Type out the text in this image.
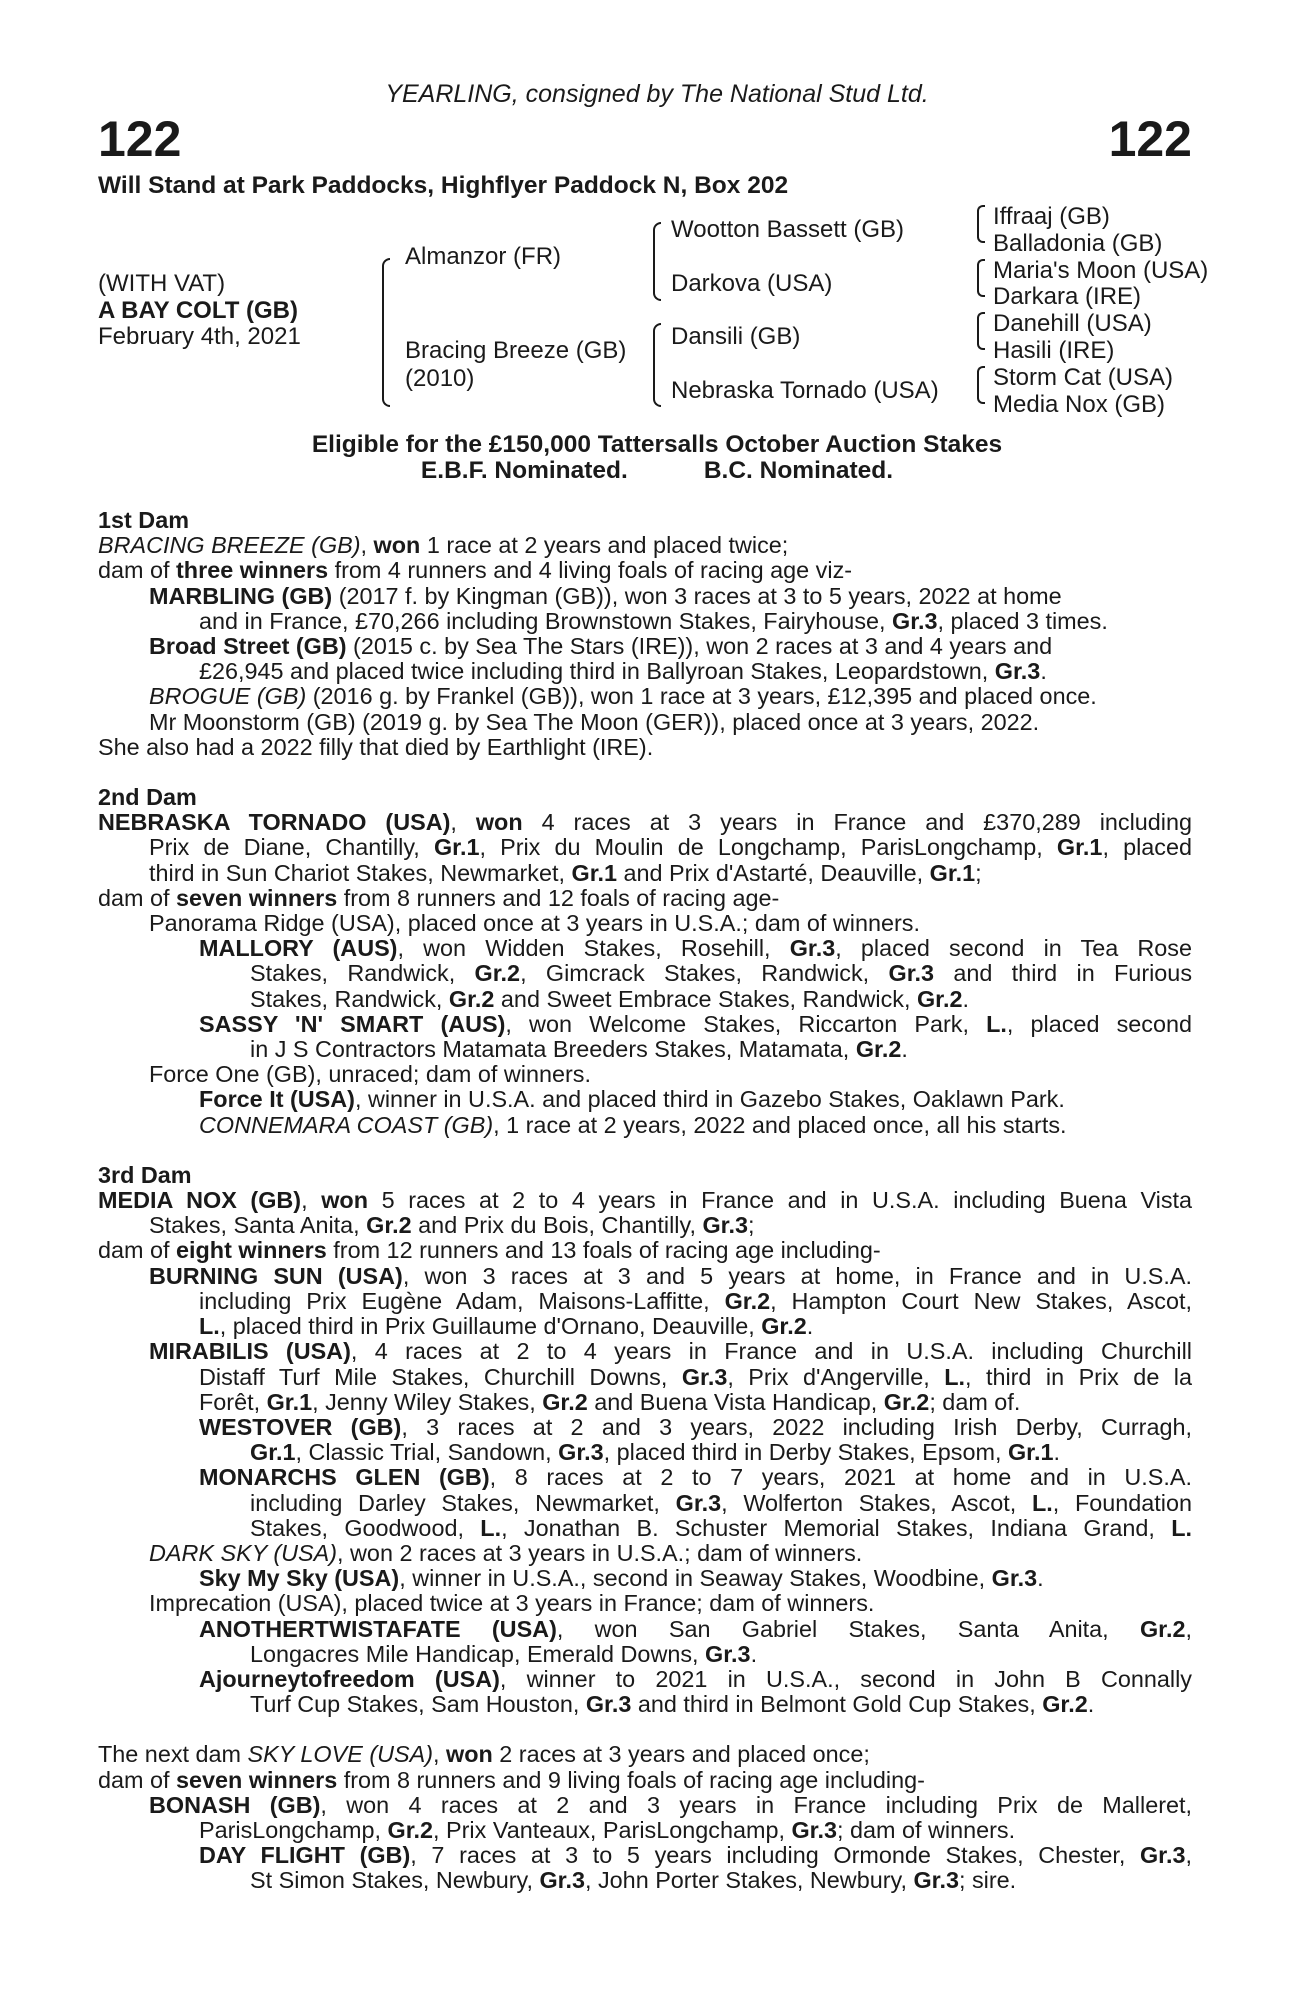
YEARLING, consigned by The National Stud Ltd.
122	122
Will Stand at Park Paddocks, Highflyer Paddock N, Box 202
(WITH VAT)
A BAY COLT (GB)
February 4th, 2021
Almanzor (FR)
Bracing Breeze (GB)
(2010)
Wootton Bassett (GB)
Darkova (USA)
Dansili (GB)
Nebraska Tornado (USA)
Iffraaj (GB)
Balladonia (GB)
Maria's Moon (USA)
Darkara (IRE)
Danehill (USA)
Hasili (IRE)
Storm Cat (USA)
Media Nox (GB)
Eligible for the £150,000 Tattersalls October Auction Stakes
E.B.F. Nominated.	B.C. Nominated.
1st Dam
BRACING BREEZE (GB), won 1 race at 2 years and placed twice;
dam of three winners from 4 runners and 4 living foals of racing age viz-
MARBLING (GB) (2017 f. by Kingman (GB)), won 3 races at 3 to 5 years, 2022 at home
and in France, £70,266 including Brownstown Stakes, Fairyhouse, Gr.3, placed 3 times.
Broad Street (GB) (2015 c. by Sea The Stars (IRE)), won 2 races at 3 and 4 years and
£26,945 and placed twice including third in Ballyroan Stakes, Leopardstown, Gr.3.
BROGUE (GB) (2016 g. by Frankel (GB)), won 1 race at 3 years, £12,395 and placed once.
Mr Moonstorm (GB) (2019 g. by Sea The Moon (GER)), placed once at 3 years, 2022.
She also had a 2022 filly that died by Earthlight (IRE).
2nd Dam
NEBRASKA TORNADO (USA), won 4 races at 3 years in France and £370,289 including
Prix de Diane, Chantilly, Gr.1, Prix du Moulin de Longchamp, ParisLongchamp, Gr.1, placed
third in Sun Chariot Stakes, Newmarket, Gr.1 and Prix d'Astarté, Deauville, Gr.1;
dam of seven winners from 8 runners and 12 foals of racing age-
Panorama Ridge (USA), placed once at 3 years in U.S.A.; dam of winners.
MALLORY (AUS), won Widden Stakes, Rosehill, Gr.3, placed second in Tea Rose
Stakes, Randwick, Gr.2, Gimcrack Stakes, Randwick, Gr.3 and third in Furious
Stakes, Randwick, Gr.2 and Sweet Embrace Stakes, Randwick, Gr.2.
SASSY 'N' SMART (AUS), won Welcome Stakes, Riccarton Park, L., placed second
in J S Contractors Matamata Breeders Stakes, Matamata, Gr.2.
Force One (GB), unraced; dam of winners.
Force It (USA), winner in U.S.A. and placed third in Gazebo Stakes, Oaklawn Park.
CONNEMARA COAST (GB), 1 race at 2 years, 2022 and placed once, all his starts.
3rd Dam
MEDIA NOX (GB), won 5 races at 2 to 4 years in France and in U.S.A. including Buena Vista
Stakes, Santa Anita, Gr.2 and Prix du Bois, Chantilly, Gr.3;
dam of eight winners from 12 runners and 13 foals of racing age including-
BURNING SUN (USA), won 3 races at 3 and 5 years at home, in France and in U.S.A.
including Prix Eugène Adam, Maisons-Laffitte, Gr.2, Hampton Court New Stakes, Ascot,
L., placed third in Prix Guillaume d'Ornano, Deauville, Gr.2.
MIRABILIS (USA), 4 races at 2 to 4 years in France and in U.S.A. including Churchill
Distaff Turf Mile Stakes, Churchill Downs, Gr.3, Prix d'Angerville, L., third in Prix de la
Forêt, Gr.1, Jenny Wiley Stakes, Gr.2 and Buena Vista Handicap, Gr.2; dam of.
WESTOVER (GB), 3 races at 2 and 3 years, 2022 including Irish Derby, Curragh,
Gr.1, Classic Trial, Sandown, Gr.3, placed third in Derby Stakes, Epsom, Gr.1.
MONARCHS GLEN (GB), 8 races at 2 to 7 years, 2021 at home and in U.S.A.
including Darley Stakes, Newmarket, Gr.3, Wolferton Stakes, Ascot, L., Foundation
Stakes, Goodwood, L., Jonathan B. Schuster Memorial Stakes, Indiana Grand, L.
DARK SKY (USA), won 2 races at 3 years in U.S.A.; dam of winners.
Sky My Sky (USA), winner in U.S.A., second in Seaway Stakes, Woodbine, Gr.3.
Imprecation (USA), placed twice at 3 years in France; dam of winners.
ANOTHERTWISTAFATE (USA), won San Gabriel Stakes, Santa Anita, Gr.2,
Longacres Mile Handicap, Emerald Downs, Gr.3.
Ajourneytofreedom (USA), winner to 2021 in U.S.A., second in John B Connally
Turf Cup Stakes, Sam Houston, Gr.3 and third in Belmont Gold Cup Stakes, Gr.2.
The next dam SKY LOVE (USA), won 2 races at 3 years and placed once;
dam of seven winners from 8 runners and 9 living foals of racing age including-
BONASH (GB), won 4 races at 2 and 3 years in France including Prix de Malleret,
ParisLongchamp, Gr.2, Prix Vanteaux, ParisLongchamp, Gr.3; dam of winners.
DAY FLIGHT (GB), 7 races at 3 to 5 years including Ormonde Stakes, Chester, Gr.3,
St Simon Stakes, Newbury, Gr.3, John Porter Stakes, Newbury, Gr.3; sire.
